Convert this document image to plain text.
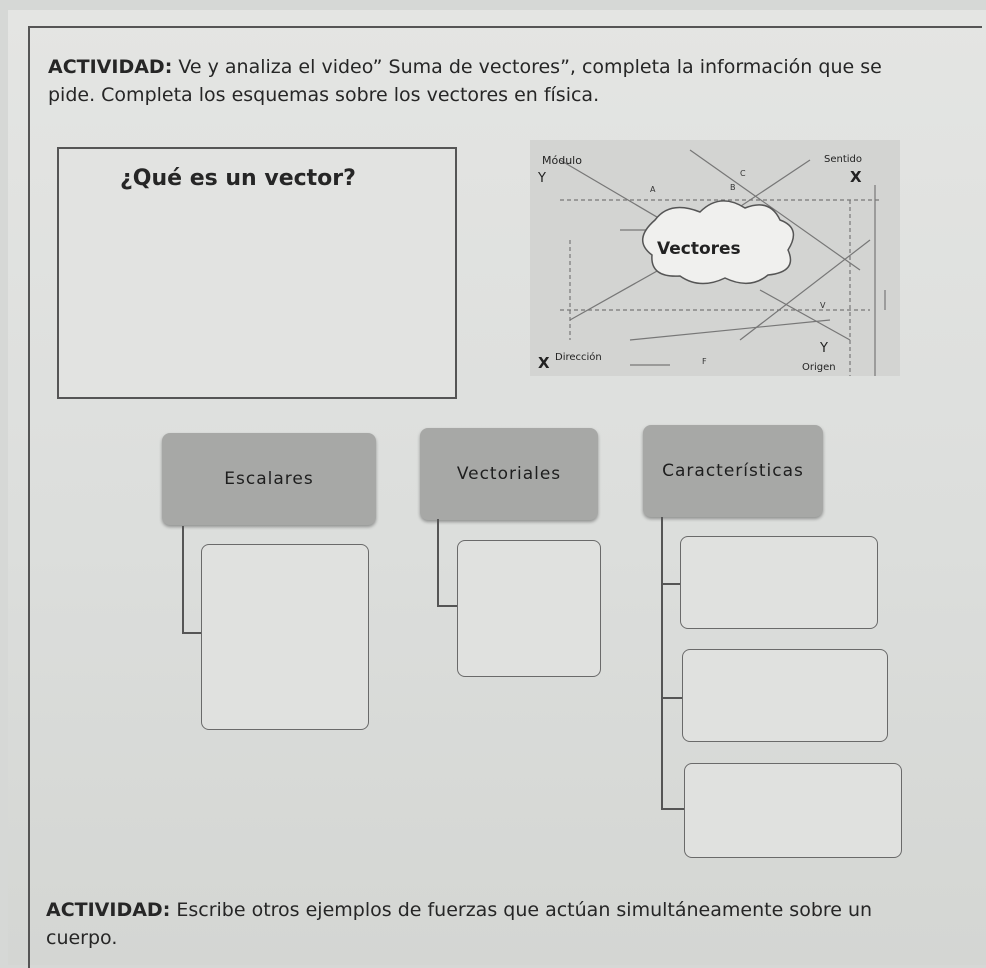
ACTIVIDAD: Ve y analiza el video” Suma de vectores”, completa la información que se
pide. Completa los esquemas sobre los vectores en física.
¿Qué es un vector?
Vectores
Módulo	Sentido
Dirección
Origen
Y	X
Y
X
A	B
C
V
F
Escalares	Vectoriales	Características
ACTIVIDAD: Escribe otros ejemplos de fuerzas que actúan simultáneamente sobre un
cuerpo.
